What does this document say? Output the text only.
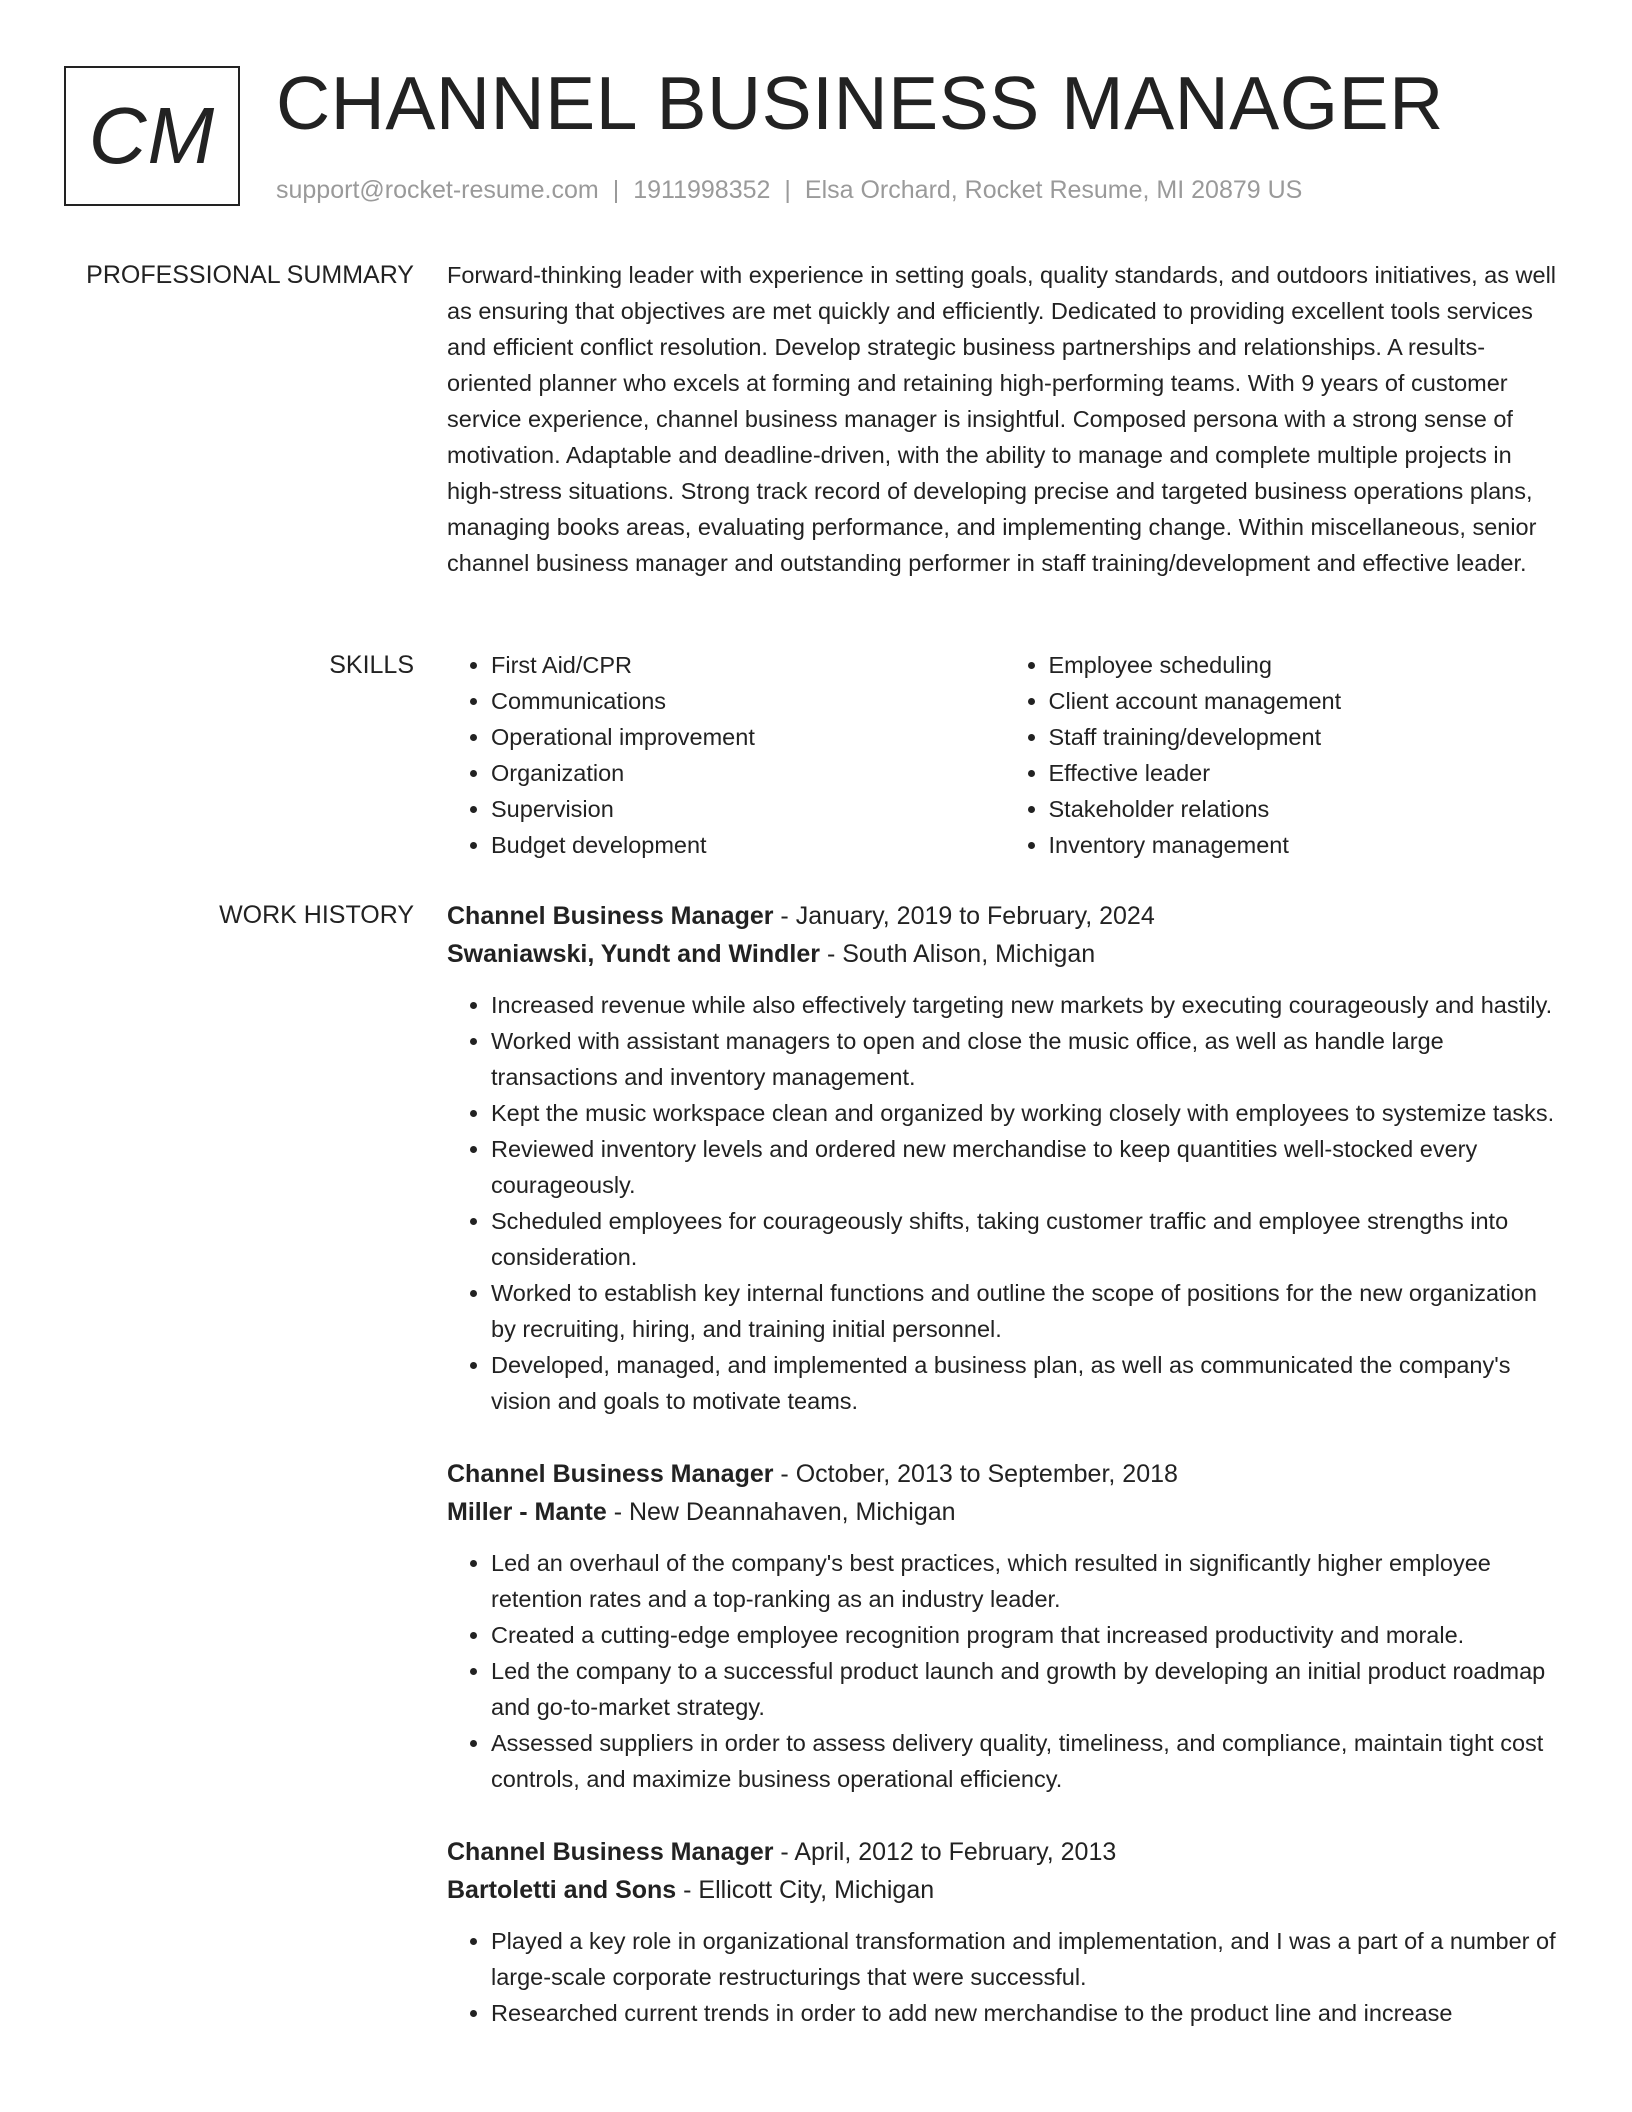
CM CHANNEL BUSINESS MANAGER
support@rocket-resume.com | 1911998352 | Elsa Orchard, Rocket Resume, MI 20879 US
PROFESSIONAL SUMMARY Forward-thinking leader with experience in setting goals, quality standards, and outdoors initiatives, as well as ensuring that objectives are met quickly and efficiently. Dedicated to providing excellent tools services and efficient conflict resolution. Develop strategic business partnerships and relationships. A results-oriented planner who excels at forming and retaining high-performing teams. With 9 years of customer service experience, channel business manager is insightful. Composed persona with a strong sense of motivation. Adaptable and deadline-driven, with the ability to manage and complete multiple projects in high-stress situations. Strong track record of developing precise and targeted business operations plans, managing books areas, evaluating performance, and implementing change. Within miscellaneous, senior channel business manager and outstanding performer in staff training/development and effective leader.

SKILLS
•	First Aid/CPR
• Communications
• Operational improvement
• Organization
• Supervision
• Budget development
• Employee scheduling
• Client account management
• Staff training/development
• Effective leader
• Stakeholder relations
• Inventory management
WORK HISTORY Channel Business Manager - January, 2019 to February, 2024
Swaniawski, Yundt and Windler - South Alison, Michigan
• Increased revenue while also effectively targeting new markets by executing courageously and hastily.
• Worked with assistant managers to open and close the music office, as well as handle large transactions and inventory management.
• Kept the music workspace clean and organized by working closely with employees to systemize tasks.
• Reviewed inventory levels and ordered new merchandise to keep quantities well-stocked every courageously.
• Scheduled employees for courageously shifts, taking customer traffic and employee strengths into consideration.
• Worked to establish key internal functions and outline the scope of positions for the new organization by recruiting, hiring, and training initial personnel.
• Developed, managed, and implemented a business plan, as well as communicated the company's vision and goals to motivate teams.
Channel Business Manager - October, 2013 to September, 2018
Miller - Mante - New Deannahaven, Michigan
• Led an overhaul of the company's best practices, which resulted in significantly higher employee retention rates and a top-ranking as an industry leader.
• Created a cutting-edge employee recognition program that increased productivity and morale.
• Led the company to a successful product launch and growth by developing an initial product roadmap and go-to-market strategy.
• Assessed suppliers in order to assess delivery quality, timeliness, and compliance, maintain tight cost controls, and maximize business operational efficiency.
Channel Business Manager - April, 2012 to February, 2013
Bartoletti and Sons - Ellicott City, Michigan
• Played a key role in organizational transformation and implementation, and I was a part of a number of large-scale corporate restructurings that were successful.
• Researched current trends in order to add new merchandise to the product line and increase
